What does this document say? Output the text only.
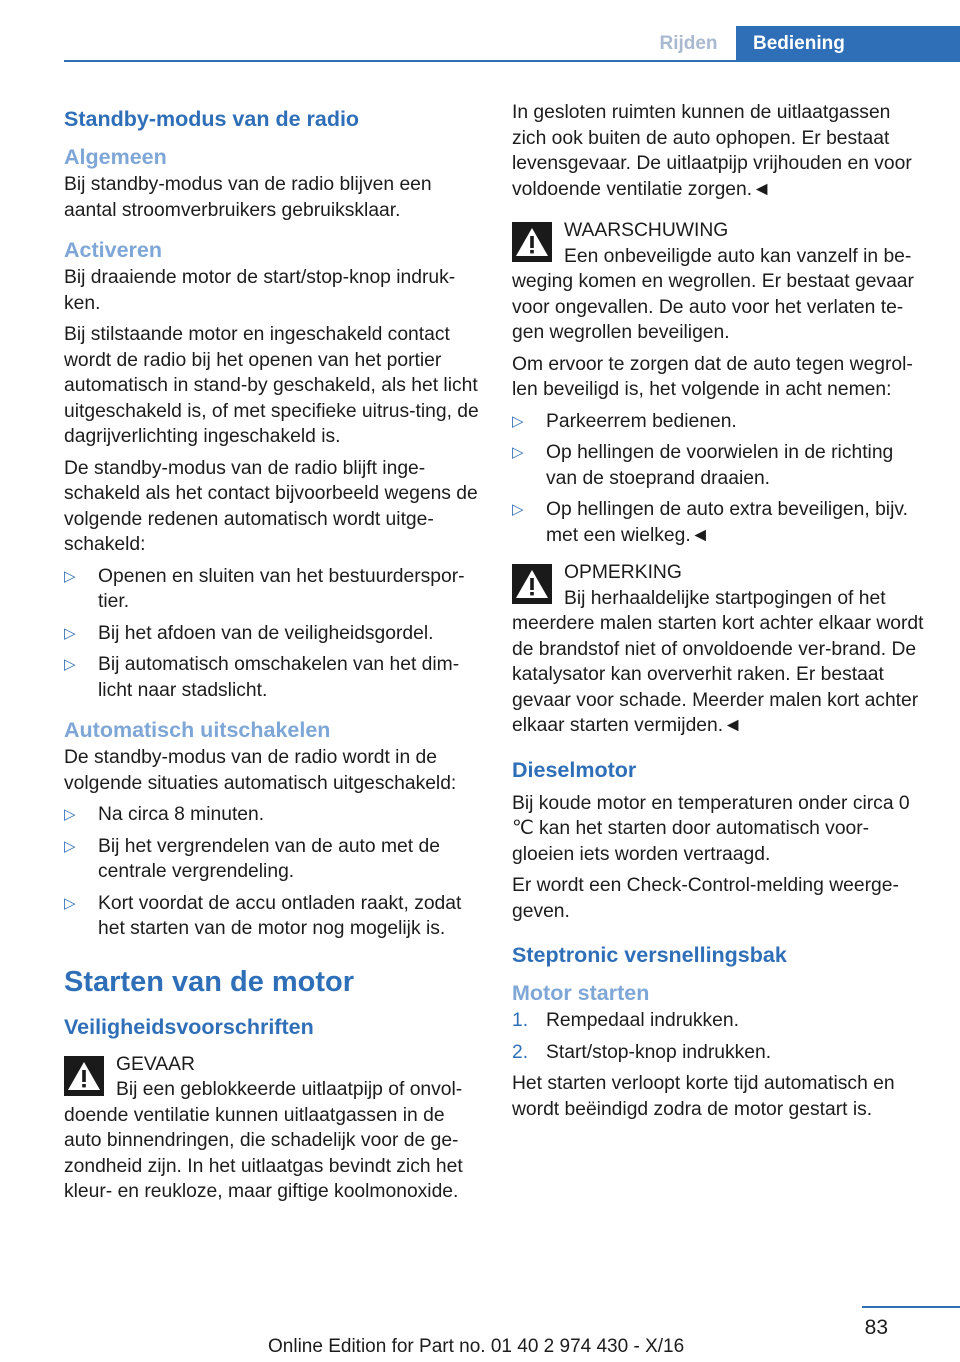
Rijden	Bediening
Standby-modus van de radio
Algemeen

Bij standby-modus van de radio blijven een aantal stroomverbruikers gebruiksklaar.

Activeren

Bij draaiende motor de start/stop-knop indruk-ken.

Bij stilstaande motor en ingeschakeld contact wordt de radio bij het openen van het portier automatisch in stand-by geschakeld, als het licht uitgeschakeld is, of met specifieke uitrus-ting, de dagrijverlichting ingeschakeld is.

De standby-modus van de radio blijft inge-schakeld als het contact bijvoorbeeld wegens de volgende redenen automatisch wordt uitge-schakeld:

▷ Openen en sluiten van het bestuurderspor-tier.
▷ Bij het afdoen van de veiligheidsgordel.
▷ Bij automatisch omschakelen van het dim-licht naar stadslicht.
Automatisch uitschakelen

De standby-modus van de radio wordt in de volgende situaties automatisch uitgeschakeld:

▷ Na circa 8 minuten.
▷ Bij het vergrendelen van de auto met de centrale vergrendeling.
▷ Kort voordat de accu ontladen raakt, zodat het starten van de motor nog mogelijk is.
Starten van de motor
Veiligheidsvoorschriften
GEVAAR
Bij een geblokkeerde uitlaatpijp of onvol-doende ventilatie kunnen uitlaatgassen in de auto binnendringen, die schadelijk voor de ge-zondheid zijn. In het uitlaatgas bevindt zich het kleur- en reukloze, maar giftige koolmonoxide.

In gesloten ruimten kunnen de uitlaatgassen zich ook buiten de auto ophopen. Er bestaat levensgevaar. De uitlaatpijp vrijhouden en voor voldoende ventilatie zorgen.◄

WAARSCHUWING
Een onbeveiligde auto kan vanzelf in be-weging komen en wegrollen. Er bestaat gevaar voor ongevallen. De auto voor het verlaten te-gen wegrollen beveiligen.

Om ervoor te zorgen dat de auto tegen wegrol-len beveiligd is, het volgende in acht nemen:

▷ Parkeerrem bedienen.
▷ Op hellingen de voorwielen in de richting van de stoeprand draaien.
▷ Op hellingen de auto extra beveiligen, bijv. met een wielkeg.◄
OPMERKING
Bij herhaaldelijke startpogingen of het meerdere malen starten kort achter elkaar wordt de brandstof niet of onvoldoende ver-brand. De katalysator kan oververhit raken. Er bestaat gevaar voor schade. Meerder malen kort achter elkaar starten vermijden.◄
Dieselmotor

Bij koude motor en temperaturen onder circa 0 ℃ kan het starten door automatisch voor-gloeien iets worden vertraagd.

Er wordt een Check-Control-melding weerge-geven.

Steptronic versnellingsbak
Motor starten
1. Rempedaal indrukken.
2. Start/stop-knop indrukken.

Het starten verloopt korte tijd automatisch en wordt beëindigd zodra de motor gestart is.

83
Online Edition for Part no. 01 40 2 974 430 - X/16
